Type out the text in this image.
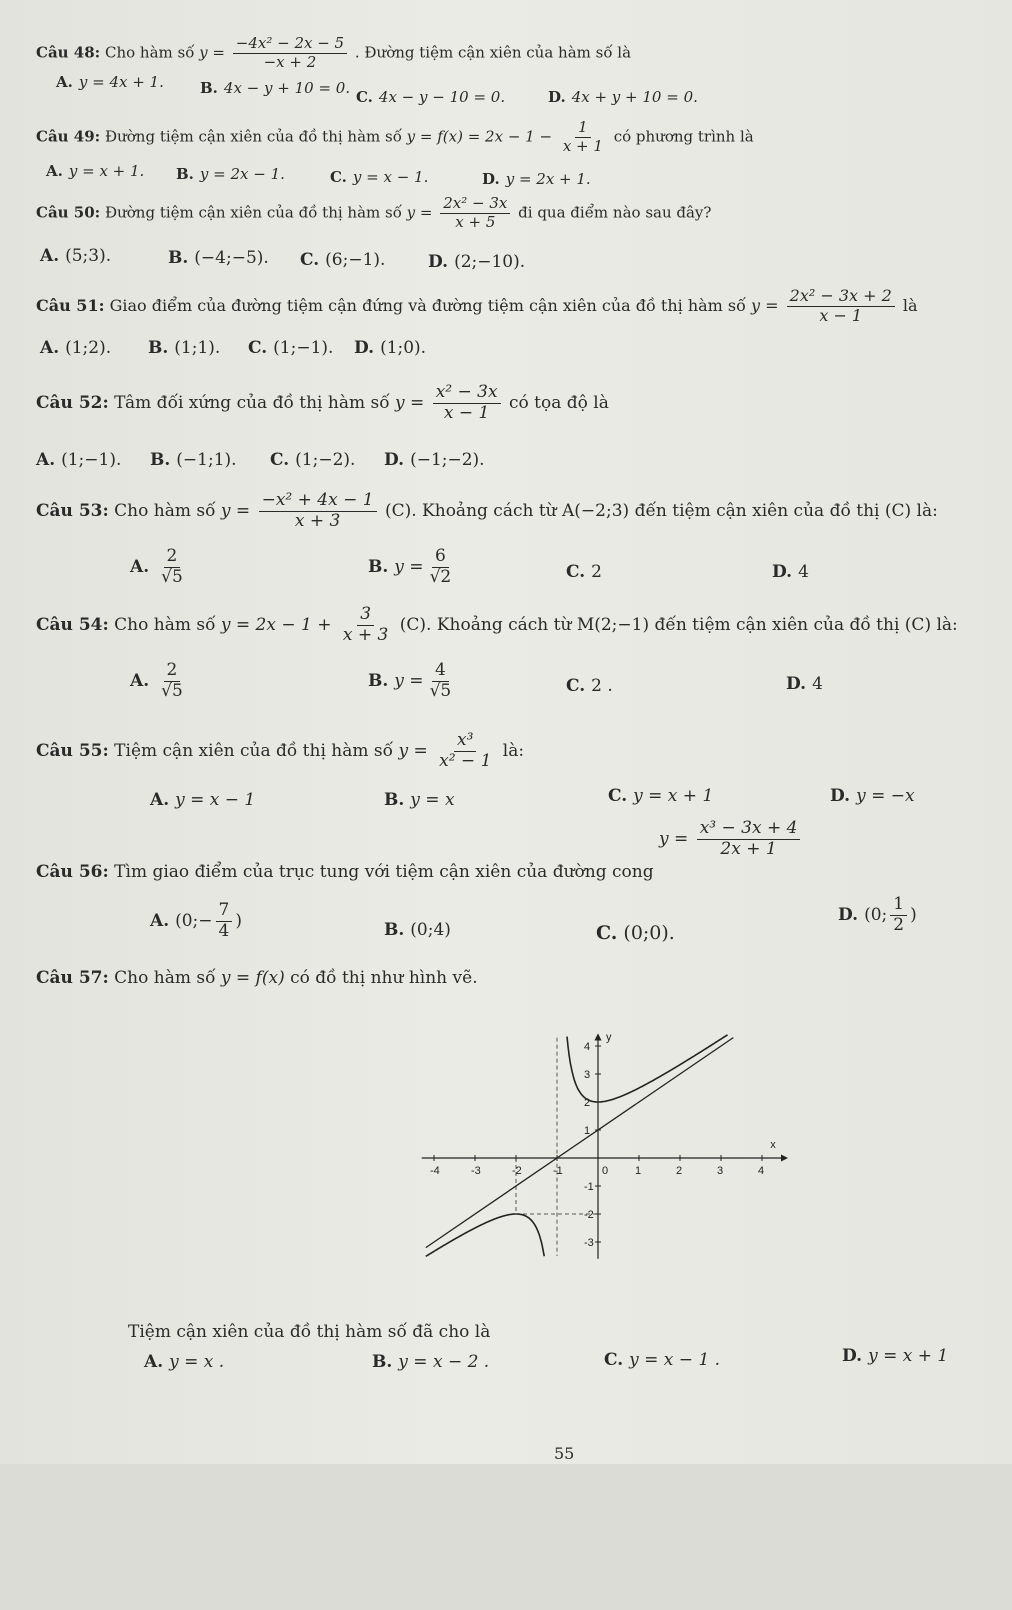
Câu 48: Cho hàm số $y = \frac{\text{−4x² − 2x − 5}}{-x + 2}$ . Đường tiệm cận xiên của hàm số là
A. y = 4x + 1. B. 4x − y + 10 = 0. C. 4x − y − 10 = 0.	D. 4x + y + 10 = 0.
Câu 49: Đường tiệm cận xiên của đồ thị hàm số $y = f(x) = 2x - 1 - \frac{1}{x + 1}$ có phương trình là
A. y = x + 1. B. y = 2x − 1.	C. y = x − 1.	D. y = 2x + 1.
Câu 50: Đường tiệm cận xiên của đồ thị hàm số $y = \frac{\text{2x² − 3x}}{x + 5}$ đi qua điểm nào sau đây?
A. (5;3).	B. (−4;−5). C. (6;−1).	D. (2;−10).
Câu 51: Giao điểm của đường tiệm cận đứng và đường tiệm cận xiên của đồ thị hàm số $y = \frac{\text{2x² − 3x + 2}}{x - 1}$ là
A. (1;2). B. (1;1). C. (1;−1). D. (1;0).
Câu 52: Tâm đối xứng của đồ thị hàm số $y = \frac{\text{x² − 3x}}{x - 1}$ có tọa độ là
A. (1;−1). B. (−1;1). C. (1;−2). D. (−1;−2).
Câu 53: Cho hàm số $y = \frac{\text{−x² + 4x − 1}}{x + 3} (C)$. Khoảng cách từ A(−2;3) đến tiệm cận xiên của đồ thị (C) là:
A. $\frac{2}{√5}$	B. $y = \frac{6}{√2}$	C. 2	D. 4
Câu 54: Cho hàm số $y = 2x - 1 + \frac{3}{x + 3} (C)$. Khoảng cách từ M(2;−1) đến tiệm cận xiên của đồ thị (C) là:
A. $\frac{2}{√5}$	B. $y = \frac{4}{√5}$	C. 2 .	D. 4
Câu 55: Tiệm cận xiên của đồ thị hàm số $y = \frac{\text{x³}}{\text{x² − 1}}$ là:
A. y = x − 1	B. y = x	C. y = x + 1	D. y = −x
Câu 56: Tìm giao điểm của trục tung với tiệm cận xiên của đường cong $y = \frac{\text{x³ − 3x + 4}}{2x + 1}$
A. (0;− $\frac{7}{4}$ )	B. (0;4)	C. (0;0).
D. (0; $\frac{1}{2}$ )
Câu 57: Cho hàm số y = f(x) có đồ thị như hình vẽ.
-4	-3	-2	-1	0 1	2	3	4
4
3
2
1
-1
-2
-3
x
y
Tiệm cận xiên của đồ thị hàm số đã cho là
A. y = x .	B. y = x − 2 .	C. y = x − 1 .	D. y = x + 1
55
